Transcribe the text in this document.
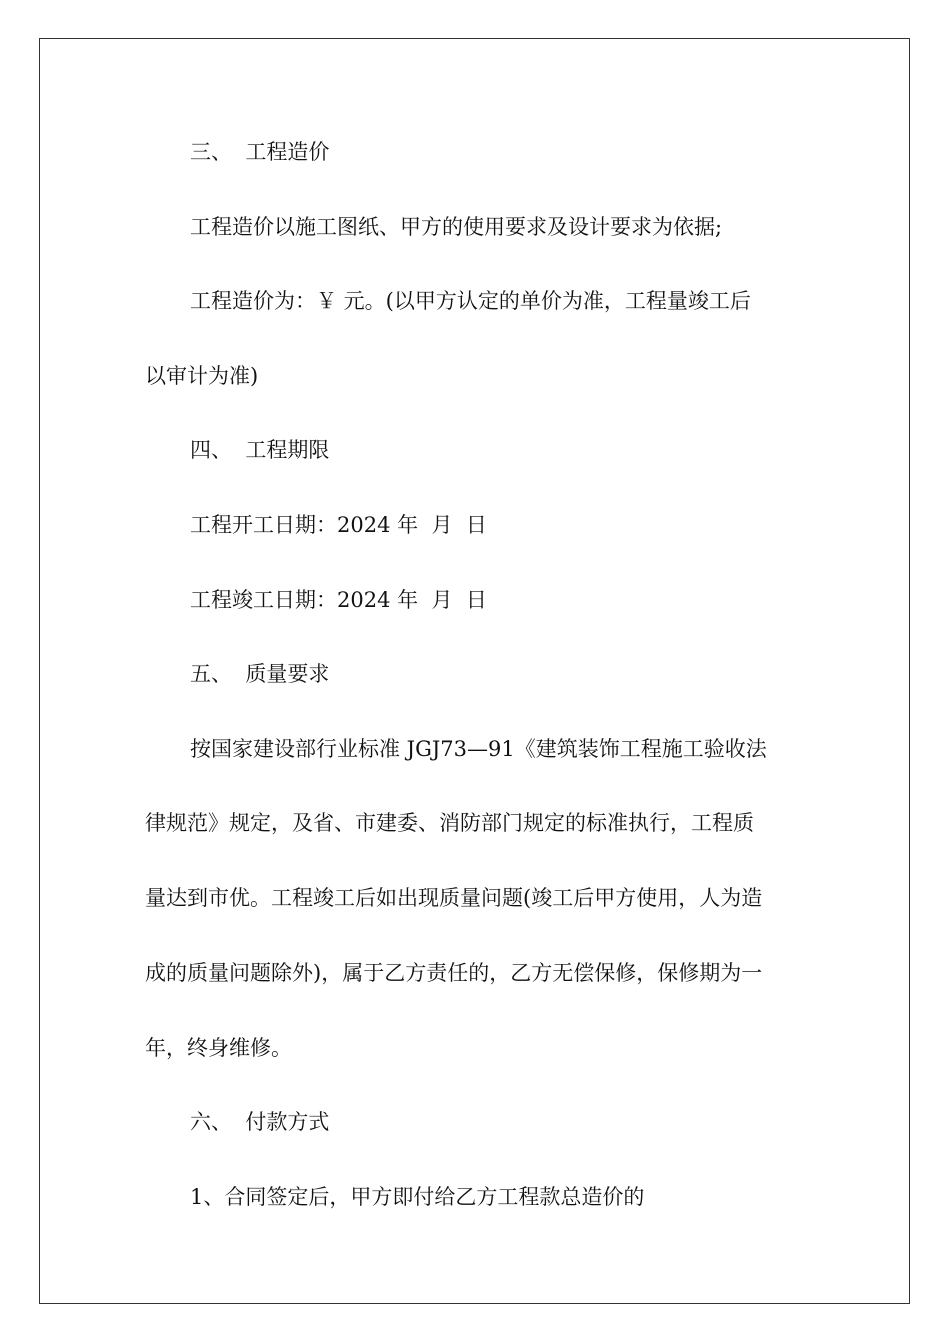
三、  工程造价
工程造价以施工图纸、甲方的使用要求及设计要求为依据;
工程造价为：￥ 元。(以甲方认定的单价为准，工程量竣工后
以审计为准)
四、  工程期限
工程开工日期：2024 年  月  日
工程竣工日期：2024 年  月  日
五、  质量要求
按国家建设部行业标准 JGJ73—91《建筑装饰工程施工验收法
律规范》规定，及省、市建委、消防部门规定的标准执行，工程质
量达到市优。工程竣工后如出现质量问题(竣工后甲方使用，人为造
成的质量问题除外)，属于乙方责任的，乙方无偿保修，保修期为一
年，终身维修。
六、  付款方式
1、合同签定后，甲方即付给乙方工程款总造价的
